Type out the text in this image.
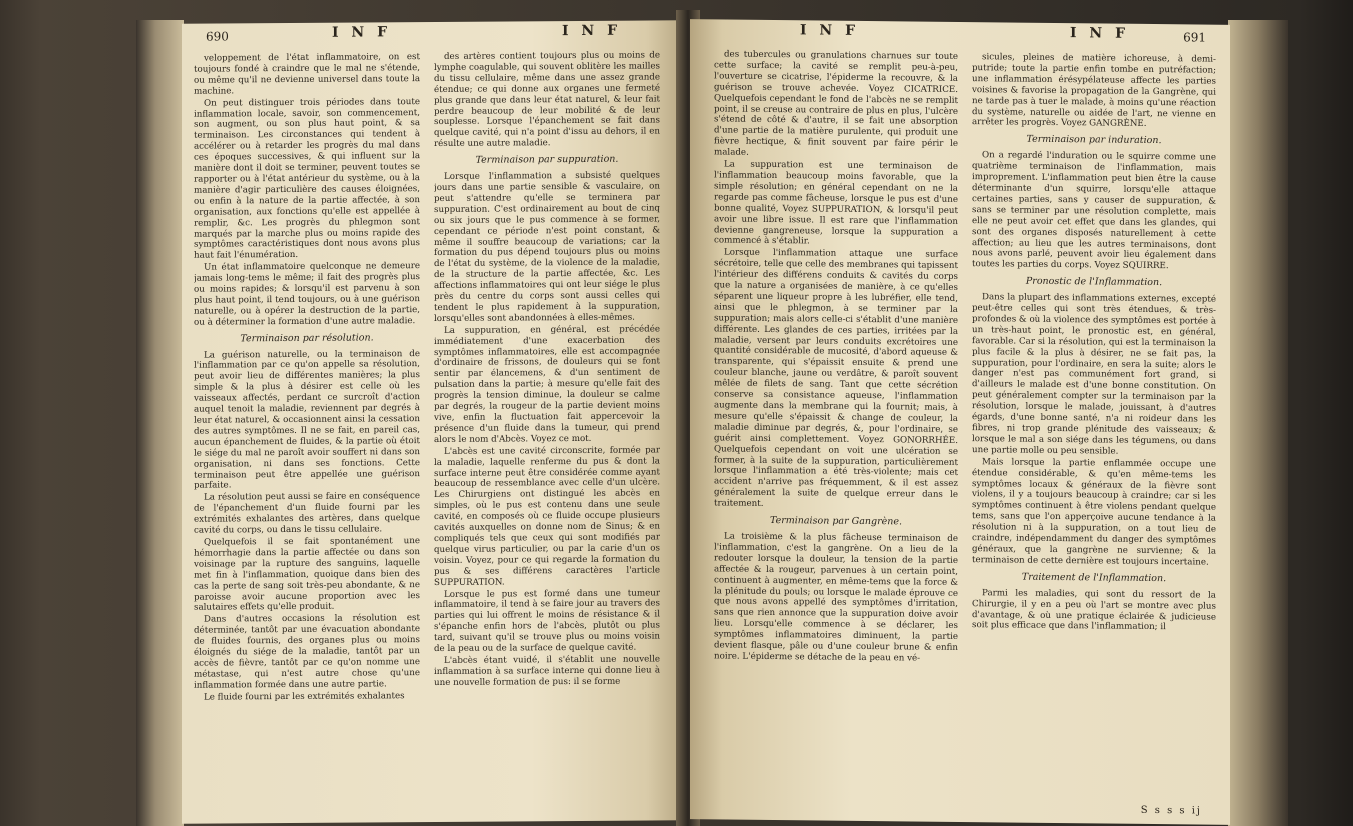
690	I N F	I N F

veloppement de l'état inflammatoire, on est toujours fondé à craindre que le mal ne s'étende, ou même qu'il ne devienne universel dans toute la machine.

On peut distinguer trois périodes dans toute inflammation locale, savoir, son commencement, son augment, ou son plus haut point, & sa terminaison. Les circonstances qui tendent à accélérer ou à retarder les progrès du mal dans ces époques successives, & qui influent sur la manière dont il doit se terminer, peuvent toutes se rapporter ou à l'état antérieur du système, ou à la manière d'agir particulière des causes éloignées, ou enfin à la nature de la partie affectée, à son organisation, aux fonctions qu'elle est appellée à remplir, &c. Les progrès du phlegmon sont marqués par la marche plus ou moins rapide des symptômes caractéristiques dont nous avons plus haut fait l'énumération.

Un état inflammatoire quelconque ne demeure jamais long-tems le même; il fait des progrès plus ou moins rapides; & lorsqu'il est parvenu à son plus haut point, il tend toujours, ou à une guérison naturelle, ou à opérer la destruction de la partie, ou à déterminer la formation d'une autre maladie.

Terminaison par résolution.

La guérison naturelle, ou la terminaison de l'inflammation par ce qu'on appelle sa résolution, peut avoir lieu de différentes manières; la plus simple & la plus à désirer est celle où les vaisseaux affectés, perdant ce surcroît d'action auquel tenoit la maladie, reviennent par degrés à leur état naturel, & occasionnent ainsi la cessation des autres symptômes. Il ne se fait, en pareil cas, aucun épanchement de fluides, & la partie où étoit le siége du mal ne paroît avoir souffert ni dans son organisation, ni dans ses fonctions. Cette terminaison peut être appellée une guérison parfaite.

La résolution peut aussi se faire en conséquence de l'épanchement d'un fluide fourni par les extrémités exhalantes des artères, dans quelque cavité du corps, ou dans le tissu cellulaire.

Quelquefois il se fait spontanément une hémorrhagie dans la partie affectée ou dans son voisinage par la rupture des sanguins, laquelle met fin à l'inflammation, quoique dans bien des cas la perte de sang soit très-peu abondante, & ne paroisse avoir aucune proportion avec les salutaires effets qu'elle produit.

Dans d'autres occasions la résolution est déterminée, tantôt par une évacuation abondante de fluides fournis, des organes plus ou moins éloignés du siége de la maladie, tantôt par un accès de fièvre, tantôt par ce qu'on nomme une métastase, qui n'est autre chose qu'une inflammation formée dans une autre partie.

Le fluide fourni par les extrémités exhalantes

des artères contient toujours plus ou moins de lymphe coagulable, qui souvent oblitère les mailles du tissu cellulaire, même dans une assez grande étendue; ce qui donne aux organes une fermeté plus grande que dans leur état naturel, & leur fait perdre beaucoup de leur mobilité & de leur souplesse. Lorsque l'épanchement se fait dans quelque cavité, qui n'a point d'issu au dehors, il en résulte une autre maladie.

Terminaison par suppuration.

Lorsque l'inflammation a subsisté quelques jours dans une partie sensible & vasculaire, on peut s'attendre qu'elle se terminera par suppuration. C'est ordinairement au bout de cinq ou six jours que le pus commence à se former, cependant ce période n'est point constant, & même il souffre beaucoup de variations; car la formation du pus dépend toujours plus ou moins de l'état du système, de la violence de la maladie, de la structure de la partie affectée, &c. Les affections inflammatoires qui ont leur siége le plus près du centre du corps sont aussi celles qui tendent le plus rapidement à la suppuration, lorsqu'elles sont abandonnées à elles-mêmes.

La suppuration, en général, est précédée immédiatement d'une exacerbation des symptômes inflammatoires, elle est accompagnée d'ordinaire de frissons, de douleurs qui se font sentir par élancemens, & d'un sentiment de pulsation dans la partie; à mesure qu'elle fait des progrès la tension diminue, la douleur se calme par degrés, la rougeur de la partie devient moins vive, enfin la fluctuation fait appercevoir la présence d'un fluide dans la tumeur, qui prend alors le nom d'Abcès. Voyez ce mot.

L'abcès est une cavité circonscrite, formée par la maladie, laquelle renferme du pus & dont la surface interne peut être considérée comme ayant beaucoup de ressemblance avec celle d'un ulcère. Les Chirurgiens ont distingué les abcès en simples, où le pus est contenu dans une seule cavité, en composés où ce fluide occupe plusieurs cavités auxquelles on donne nom de Sinus; & en compliqués tels que ceux qui sont modifiés par quelque virus particulier, ou par la carie d'un os voisin. Voyez, pour ce qui regarde la formation du pus & ses différens caractères l'article SUPPURATION.

Lorsque le pus est formé dans une tumeur inflammatoire, il tend à se faire jour au travers des parties qui lui offrent le moins de résistance & il s'épanche enfin hors de l'abcès, plutôt ou plus tard, suivant qu'il se trouve plus ou moins voisin de la peau ou de la surface de quelque cavité.

L'abcès étant vuidé, il s'établit une nouvelle inflammation à sa surface interne qui donne lieu à une nouvelle formation de pus: il se forme

I N F	I N F	691

des tubercules ou granulations charnues sur toute cette surface; la cavité se remplit peu-à-peu, l'ouverture se cicatrise, l'épiderme la recouvre, & la guérison se trouve achevée. Voyez CICATRICE. Quelquefois cependant le fond de l'abcès ne se remplit point, il se creuse au contraire de plus en plus, l'ulcère s'étend de côté & d'autre, il se fait une absorption d'une partie de la matière purulente, qui produit une fièvre hectique, & finit souvent par faire périr le malade.

La suppuration est une terminaison de l'inflammation beaucoup moins favorable, que la simple résolution; en général cependant on ne la regarde pas comme fâcheuse, lorsque le pus est d'une bonne qualité, Voyez SUPPURATION, & lorsqu'il peut avoir une libre issue. Il est rare que l'inflammation devienne gangreneuse, lorsque la suppuration a commencé à s'établir.

Lorsque l'inflammation attaque une surface sécrétoire, telle que celle des membranes qui tapissent l'intérieur des différens conduits & cavités du corps que la nature a organisées de manière, à ce qu'elles séparent une liqueur propre à les lubréfier, elle tend, ainsi que le phlegmon, à se terminer par la suppuration; mais alors celle-ci s'établit d'une manière différente. Les glandes de ces parties, irritées par la maladie, versent par leurs conduits excrétoires une quantité considérable de mucosité, d'abord aqueuse & transparente, qui s'épaissit ensuite & prend une couleur blanche, jaune ou verdâtre, & paroît souvent mêlée de filets de sang. Tant que cette sécrétion conserve sa consistance aqueuse, l'inflammation augmente dans la membrane qui la fournit; mais, à mesure qu'elle s'épaissit & change de couleur, la maladie diminue par degrés, &, pour l'ordinaire, se guérit ainsi complettement. Voyez GONORRHÉE. Quelquefois cependant on voit une ulcération se former, à la suite de la suppuration, particulièrement lorsque l'inflammation a été très-violente; mais cet accident n'arrive pas fréquemment, & il est assez généralement la suite de quelque erreur dans le traitement.

Terminaison par Gangrène.

La troisième & la plus fâcheuse terminaison de l'inflammation, c'est la gangrène. On a lieu de la redouter lorsque la douleur, la tension de la partie affectée & la rougeur, parvenues à un certain point, continuent à augmenter, en même-tems que la force & la plénitude du pouls; ou lorsque le malade éprouve ce que nous avons appellé des symptômes d'irritation, sans que rien annonce que la suppuration doive avoir lieu. Lorsqu'elle commence à se déclarer, les symptômes inflammatoires diminuent, la partie devient flasque, pâle ou d'une couleur brune & enfin noire. L'épiderme se détache de la peau en vé-

sicules, pleines de matière ichoreuse, à demi-putride; toute la partie enfin tombe en putréfaction; une inflammation érésypélateuse affecte les parties voisines & favorise la propagation de la Gangrène, qui ne tarde pas à tuer le malade, à moins qu'une réaction du système, naturelle ou aidée de l'art, ne vienne en arrêter les progrès. Voyez GANGRÈNE.

Terminaison par induration.

On a regardé l'induration ou le squirre comme une quatrième terminaison de l'inflammation, mais improprement. L'inflammation peut bien être la cause déterminante d'un squirre, lorsqu'elle attaque certaines parties, sans y causer de suppuration, & sans se terminer par une résolution complette, mais elle ne peut avoir cet effet que dans les glandes, qui sont des organes disposés naturellement à cette affection; au lieu que les autres terminaisons, dont nous avons parlé, peuvent avoir lieu également dans toutes les parties du corps. Voyez SQUIRRE.

Pronostic de l'Inflammation.

Dans la plupart des inflammations externes, excepté peut-être celles qui sont très étendues, & très-profondes & où la violence des symptômes est portée à un très-haut point, le pronostic est, en général, favorable. Car si la résolution, qui est la terminaison la plus facile & la plus à désirer, ne se fait pas, la suppuration, pour l'ordinaire, en sera la suite; alors le danger n'est pas communément fort grand, si d'ailleurs le malade est d'une bonne constitution. On peut généralement compter sur la terminaison par la résolution, lorsque le malade, jouissant, à d'autres égards, d'une bonne santé, n'a ni roideur dans les fibres, ni trop grande plénitude des vaisseaux; & lorsque le mal a son siége dans les tégumens, ou dans une partie molle ou peu sensible.

Mais lorsque la partie enflammée occupe une étendue considérable, & qu'en même-tems les symptômes locaux & généraux de la fièvre sont violens, il y a toujours beaucoup à craindre; car si les symptômes continuent à être violens pendant quelque tems, sans que l'on apperçoive aucune tendance à la résolution ni à la suppuration, on a tout lieu de craindre, indépendamment du danger des symptômes généraux, que la gangrène ne survienne; & la terminaison de cette dernière est toujours incertaine.

Traitement de l'Inflammation.

Parmi les maladies, qui sont du ressort de la Chirurgie, il y en a peu où l'art se montre avec plus d'avantage, & où une pratique éclairée & judicieuse soit plus efficace que dans l'inflammation; il

S s s s ij
